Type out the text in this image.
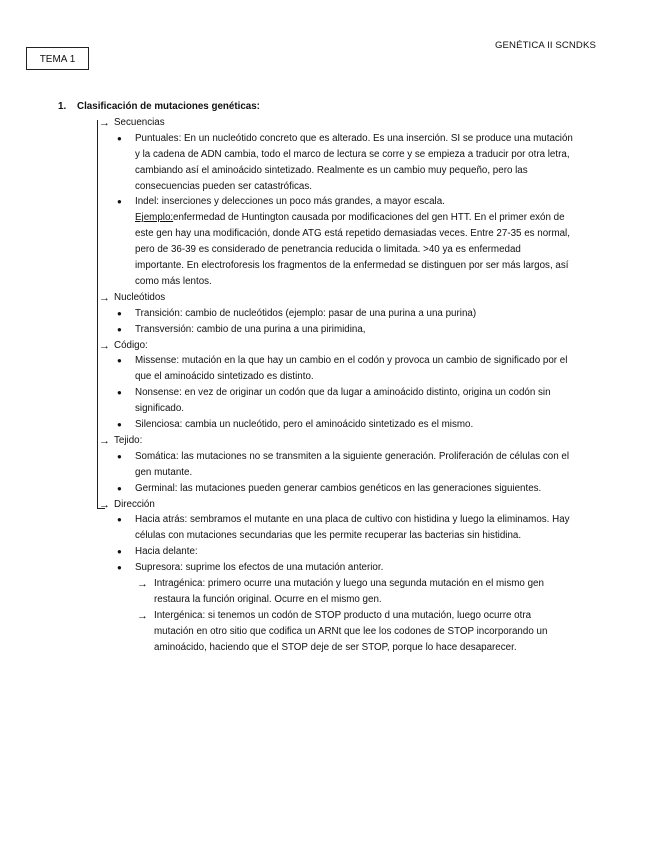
GENÉTICA II SCNDKS
TEMA 1
1. Clasificación de mutaciones genéticas:
→ Secuencias
● Puntuales: En un nucleótido concreto que es alterado. Es una inserción. SI se produce una mutación
y la cadena de ADN cambia, todo el marco de lectura se corre y se empieza a traducir por otra letra,
cambiando así el aminoácido sintetizado. Realmente es un cambio muy pequeño, pero las
consecuencias pueden ser catastróficas.
● Indel: inserciones y delecciones un poco más grandes, a mayor escala.
Ejemplo: enfermedad de Huntington causada por modificaciones del gen HTT. En el primer exón de
este gen hay una modificación, donde ATG está repetido demasiadas veces. Entre 27-35 es normal,
pero de 36-39 es considerado de penetrancia reducida o limitada. >40 ya es enfermedad
importante. En electroforesis los fragmentos de la enfermedad se distinguen por ser más largos, así
como más lentos.
→ Nucleótidos
● Transición: cambio de nucleótidos (ejemplo: pasar de una purina a una purina)
● Transversión: cambio de una purina a una pirimidina,
→ Código:
● Missense: mutación en la que hay un cambio en el codón y provoca un cambio de significado por el
que el aminoácido sintetizado es distinto.
● Nonsense: en vez de originar un codón que da lugar a aminoácido distinto, origina un codón sin
significado.
● Silenciosa: cambia un nucleótido, pero el aminoácido sintetizado es el mismo.
→ Tejido:
● Somática: las mutaciones no se transmiten a la siguiente generación. Proliferación de células con el
gen mutante.
● Germinal: las mutaciones pueden generar cambios genéticos en las generaciones siguientes.
→ Dirección
● Hacia atrás: sembramos el mutante en una placa de cultivo con histidina y luego la eliminamos. Hay
células con mutaciones secundarias que les permite recuperar las bacterias sin histidina.
● Hacia delante:
● Supresora: suprime los efectos de una mutación anterior.
→ Intragénica: primero ocurre una mutación y luego una segunda mutación en el mismo gen
restaura la función original. Ocurre en el mismo gen.
→ Intergénica: si tenemos un codón de STOP producto d una mutación, luego ocurre otra
mutación en otro sitio que codifica un ARNt que lee los codones de STOP incorporando un
aminoácido, haciendo que el STOP deje de ser STOP, porque lo hace desaparecer.
